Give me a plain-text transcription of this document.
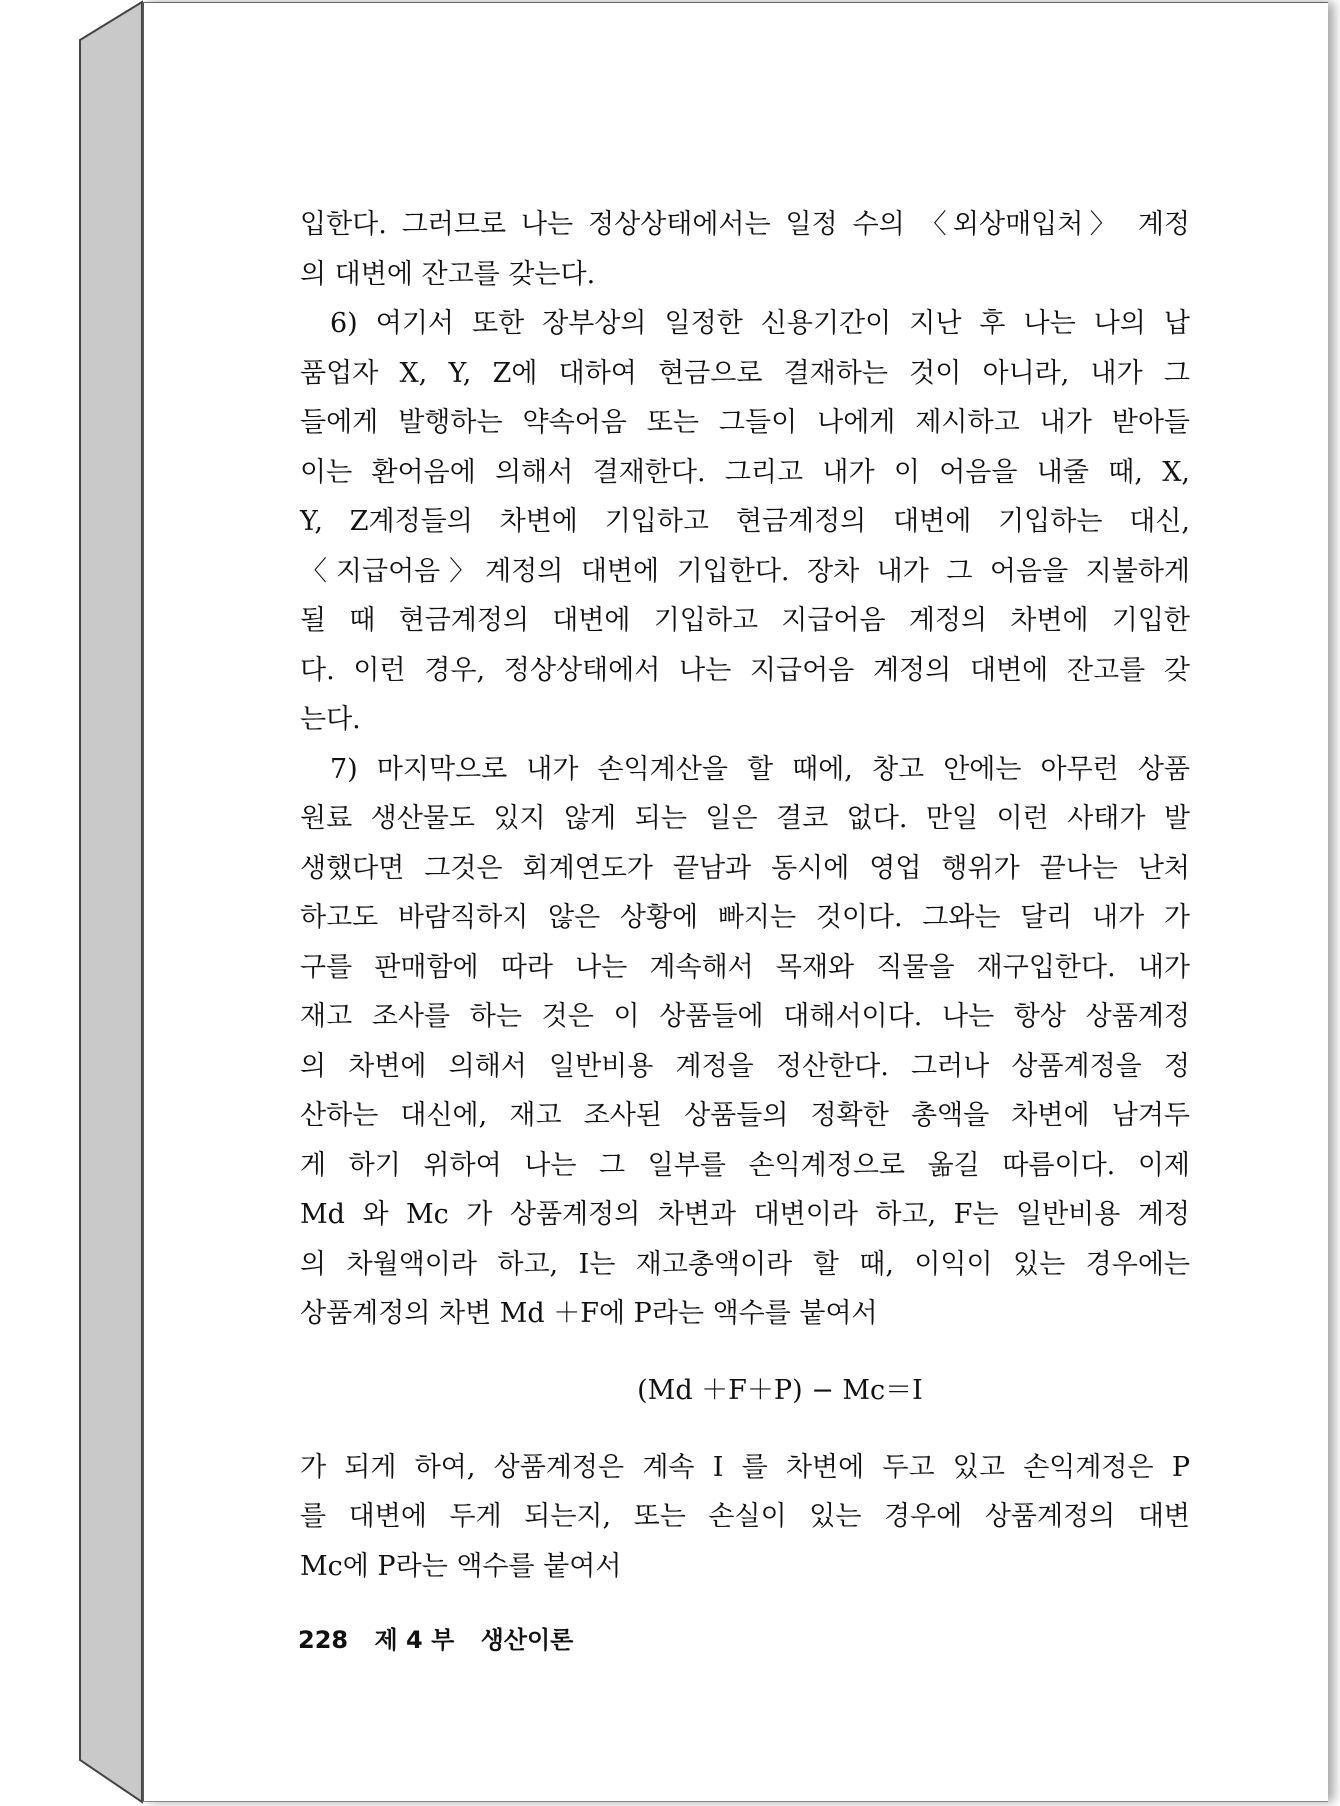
입한다. 그러므로 나는 정상상태에서는 일정 수의 〈외상매입처〉 계정
의 대변에 잔고를 갖는다.
6) 여기서 또한 장부상의 일정한 신용기간이 지난 후 나는 나의 납
품업자 X, Y, Z에 대하여 현금으로 결재하는 것이 아니라, 내가 그
들에게 발행하는 약속어음 또는 그들이 나에게 제시하고 내가 받아들
이는 환어음에 의해서 결재한다. 그리고 내가 이 어음을 내줄 때, X,
Y, Z계정들의 차변에 기입하고 현금계정의 대변에 기입하는 대신,
〈지급어음〉계정의 대변에 기입한다. 장차 내가 그 어음을 지불하게
될 때 현금계정의 대변에 기입하고 지급어음 계정의 차변에 기입한
다. 이런 경우, 정상상태에서 나는 지급어음 계정의 대변에 잔고를 갖
는다.
7) 마지막으로 내가 손익계산을 할 때에, 창고 안에는 아무런 상품
원료 생산물도 있지 않게 되는 일은 결코 없다. 만일 이런 사태가 발
생했다면 그것은 회계연도가 끝남과 동시에 영업 행위가 끝나는 난처
하고도 바람직하지 않은 상황에 빠지는 것이다. 그와는 달리 내가 가
구를 판매함에 따라 나는 계속해서 목재와 직물을 재구입한다. 내가
재고 조사를 하는 것은 이 상품들에 대해서이다. 나는 항상 상품계정
의 차변에 의해서 일반비용 계정을 정산한다. 그러나 상품계정을 정
산하는 대신에, 재고 조사된 상품들의 정확한 총액을 차변에 남겨두
게 하기 위하여 나는 그 일부를 손익계정으로 옮길 따름이다. 이제
Md 와 Mc 가 상품계정의 차변과 대변이라 하고, F는 일반비용 계정
의 차월액이라 하고, I는 재고총액이라 할 때, 이익이 있는 경우에는
상품계정의 차변 Md ＋F에 P라는 액수를 붙여서
(Md ＋F＋P) − Mc＝I
가 되게 하여, 상품계정은 계속 I 를 차변에 두고 있고 손익계정은 P
를 대변에 두게 되는지, 또는 손실이 있는 경우에 상품계정의 대변
Mc에 P라는 액수를 붙여서
228 제 4 부 생산이론
